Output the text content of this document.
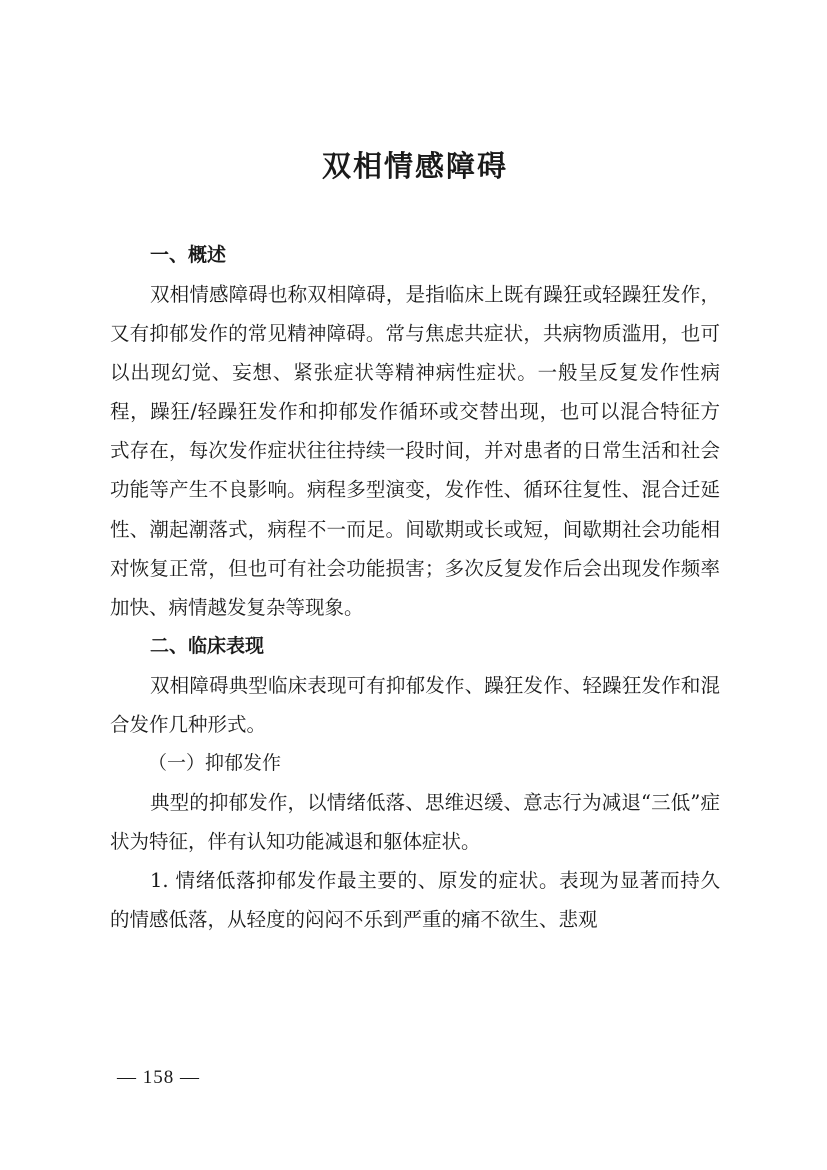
双相情感障碍

一、概述

双相情感障碍也称双相障碍，是指临床上既有躁狂或轻躁狂发作，又有抑郁发作的常见精神障碍。常与焦虑共症状，共病物质滥用，也可以出现幻觉、妄想、紧张症状等精神病性症状。一般呈反复发作性病程，躁狂/轻躁狂发作和抑郁发作循环或交替出现，也可以混合特征方式存在，每次发作症状往往持续一段时间，并对患者的日常生活和社会功能等产生不良影响。病程多型演变，发作性、循环往复性、混合迁延性、潮起潮落式，病程不一而足。间歇期或长或短，间歇期社会功能相对恢复正常，但也可有社会功能损害；多次反复发作后会出现发作频率加快、病情越发复杂等现象。

二、临床表现

双相障碍典型临床表现可有抑郁发作、躁狂发作、轻躁狂发作和混合发作几种形式。

（一）抑郁发作

典型的抑郁发作，以情绪低落、思维迟缓、意志行为减退“三低”症状为特征，伴有认知功能减退和躯体症状。

1. 情绪低落抑郁发作最主要的、原发的症状。表现为显著而持久的情感低落，从轻度的闷闷不乐到严重的痛不欲生、悲观

— 158 —
